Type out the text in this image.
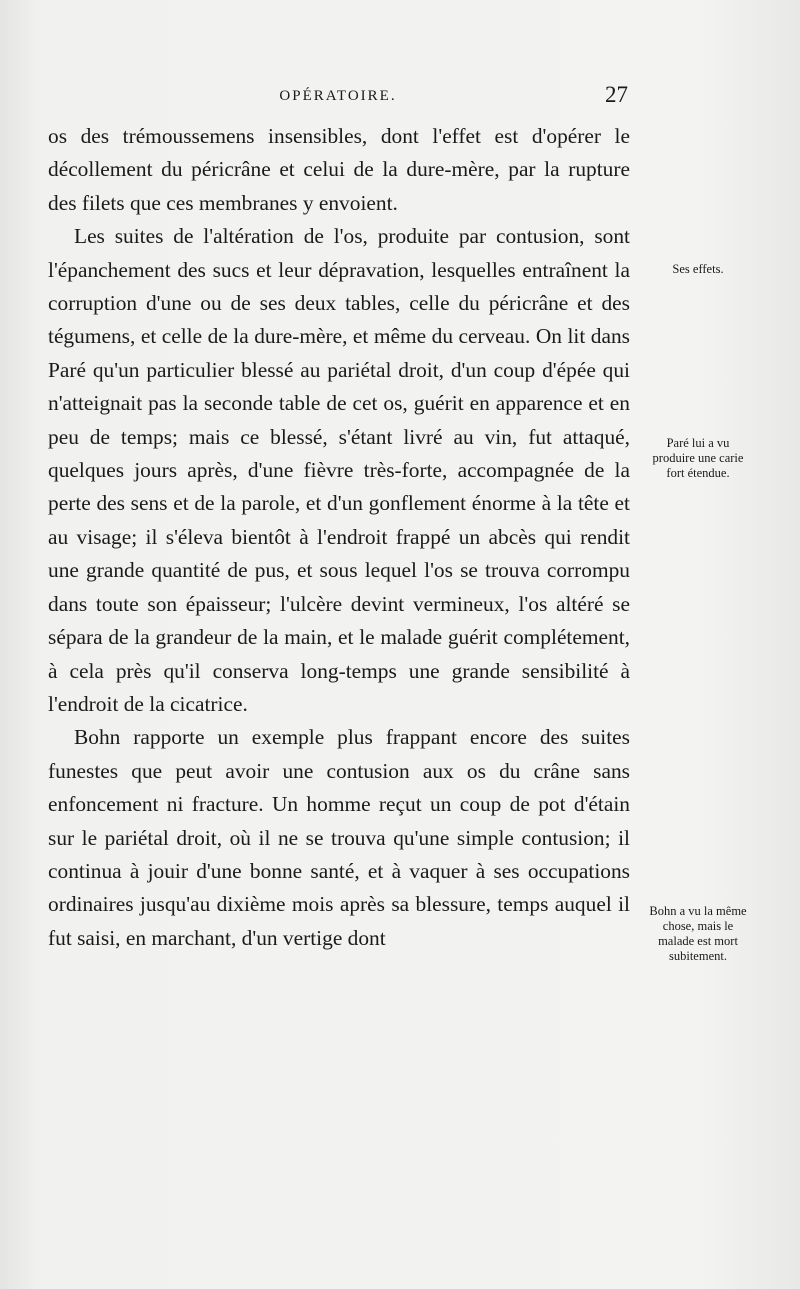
OPÉRATOIRE.	27

os des trémoussemens insensibles, dont l'effet est d'opérer le décollement du péricrâne et celui de la dure-mère, par la rupture des filets que ces membranes y envoient.

Les suites de l'altération de l'os, produite par contusion, sont l'épanchement des sucs et leur dépravation, lesquelles entraînent la corruption d'une ou de ses deux tables, celle du péricrâne et des tégumens, et celle de la dure-mère, et même du cerveau. On lit dans Paré qu'un particulier blessé au pariétal droit, d'un coup d'épée qui n'atteignait pas la seconde table de cet os, guérit en apparence et en peu de temps; mais ce blessé, s'étant livré au vin, fut attaqué, quelques jours après, d'une fièvre très-forte, accompagnée de la perte des sens et de la parole, et d'un gonflement énorme à la tête et au visage; il s'éleva bientôt à l'endroit frappé un abcès qui rendit une grande quantité de pus, et sous lequel l'os se trouva corrompu dans toute son épaisseur; l'ulcère devint vermineux, l'os altéré se sépara de la grandeur de la main, et le malade guérit complétement, à cela près qu'il conserva long-temps une grande sensibilité à l'endroit de la cicatrice.

Bohn rapporte un exemple plus frappant encore des suites funestes que peut avoir une contusion aux os du crâne sans enfoncement ni fracture. Un homme reçut un coup de pot d'étain sur le pariétal droit, où il ne se trouva qu'une simple contusion; il continua à jouir d'une bonne santé, et à vaquer à ses occupations ordinaires jusqu'au dixième mois après sa blessure, temps auquel il fut saisi, en marchant, d'un vertige dont

Ses effets.
Paré lui a vu produire une carie fort étendue.
Bohn a vu la même chose, mais le malade est mort subitement.
